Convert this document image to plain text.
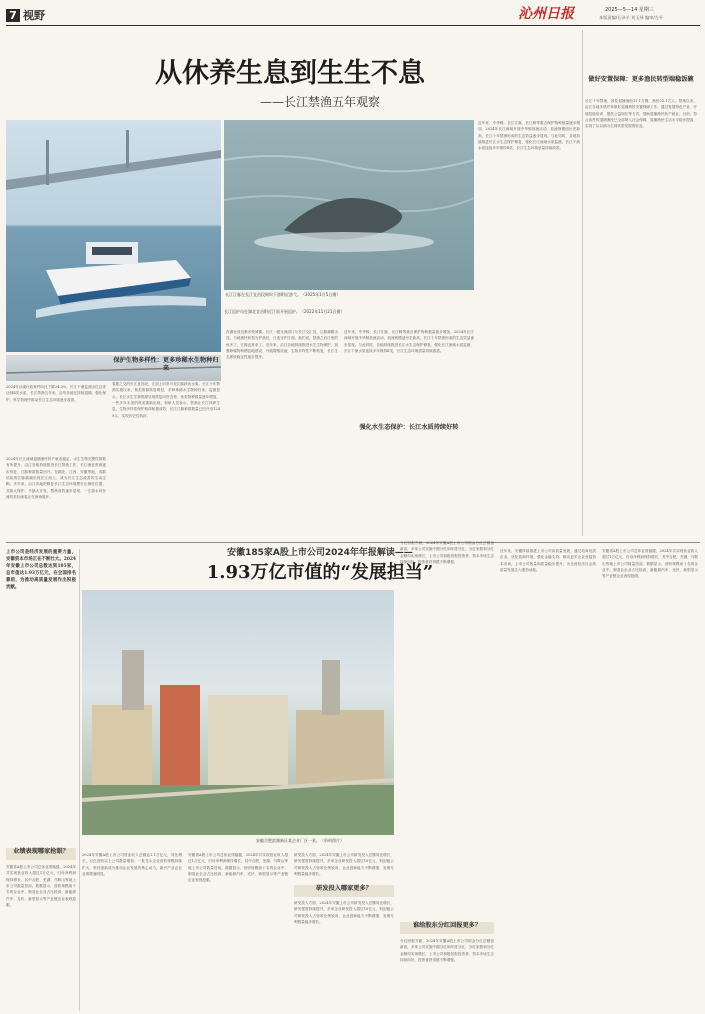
7 视野	沁州日报	2025—5—14 星期三
本版责编/石泽羊 刘玉琴 编审/左平
从休养生息到生生不息
——长江禁渔五年观察
长江江豚在长江宜昌段闸坝下游附近游弋。（2025年1月5日摄）
长江巡护员在湖北宜昌附近江面开展巡护。（2022年11月21日摄）
2024年沙溪行政案件同比下降24.3%，长江干流监测点位总体达到Ⅱ类水质，长江禁渔五年来，沿线各地在持续退捕、强化保护、科学管理中推动长江生态环境逐步改善。
2024年长江流域退捕渔民转产就业稳定，水生生物完整性指数有所提升，沿江各地持续推进长江禁渔工作，长江渔业资源逐步恢复，江豚种群数量回升。在湖北、江西、安徽等地，成群结队的江豚频频出现在江面上，成为长江生态改善的生动注脚。多年来，沿江各地把修复长江生态环境摆在压倒性位置，共抓大保护、不搞大开发，禁渔成效逐步显现，一江碧水向东流的美好画卷正在徐徐展开。
保护生物多样性：更多珍稀水生物种归来
春夏之交的长江宜昌段，江面上时常可见江豚跃出水面。长江十年禁渔实施以来，鱼类资源恢复明显，多种珍稀水生物种归来。监测显示，长江水生生物资源呈现恢复向好态势，鱼类物种数量逐年增加，一些多年未见的鱼类重新出现。科研人员表示，禁渔让长江休养生息，生物多样性保护取得积极成效，长江江豚种群数量已回升至1249头，实现历史性转折。
在湖北省宜都市枝城镇，长江一级支流清江与长江交汇处，江豚频繁出没。当地渔民转型为护渔员，日夜守护江面。他们说，禁渔之后江里的鱼多了，江豚也常来了。近年来，沿江各地持续推进水生生物保护，加强珍稀物种栖息地建设，开展增殖放流，生物多样性不断恢复，长江生态系统稳定性逐步提升。
近年来，中华鲟、长江江豚、长江鲟等重点保护物种数量逐步增加，2024年长江流域开展中华鲟放流活动，放流规模创历史新高，长江十年禁渔形成的生态效益逐步显现。与此同时，各地持续推进长江水生态保护修复，强化长江流域水质监测，长江干流水质连续多年保持Ⅱ类，长江生态环境质量持续改善。
强化水生态保护：长江水质持续好转
做好安置保障：更多渔民转型端稳饭碗
长江十年禁渔，涉及退捕渔船11.1万艘、渔民23.1万人。禁渔以来，沿江各地多措并举做好退捕渔民安置保障工作，通过发展特色产业、开展技能培训、提供公益岗位等方式，帮助退捕渔民转产就业。目前，符合条件的退捕渔民已全部纳入社会保障，退捕渔民生活水平稳步提高，实现了从以渔为生到转型发展的转变。
近年来，中华鲟、长江江豚、长江鲟等重点保护物种数量逐步增加，2024年长江流域开展中华鲟放流活动，放流规模创历史新高，长江十年禁渔形成的生态效益逐步显现。与此同时，各地持续推进长江水生态保护修复，强化长江流域水质监测，长江干流水质连续多年保持Ⅱ类，长江生态环境质量持续改善。
安徽185家A股上市公司2024年年报解读——
1.93万亿市值的“发展担当”
上市公司是经济发展的重要力量，安徽资本市场正在不断壮大。2024年安徽上市公司总数达到185家，总市值达1.93万亿元，在全国排名靠前，为推动高质量发展作出积极贡献。
安徽合肥滨湖新区某企业厂区一景。（资料图片）
业绩表现哪家抢眼？
安徽省A股上市公司总体业绩稳健，2024年共实现营业收入超过1万亿元，归母净利润保持增长，其中合肥、芜湖、马鞍山等地上市公司数量居前。数据显示，营收规模前十名的企业中，制造业企业占比较高，新能源汽车、光伏、新型显示等产业链企业表现抢眼。
2024年安徽A股上市公司营业收入总额达1.1万亿元，同比增长，百亿营收以上公司数量增加，一批龙头企业营收规模持续扩大，科技创新成为推动企业发展的核心动力，新兴产业企业业绩增速明显。
安徽省A股上市公司总体业绩稳健，2024年共实现营业收入超过1万亿元，归母净利润保持增长，其中合肥、芜湖、马鞍山等地上市公司数量居前。数据显示，营收规模前十名的企业中，制造业企业占比较高，新能源汽车、光伏、新型显示等产业链企业表现抢眼。
研发投入方面，2024年安徽上市公司研发投入总额同比增长，研发强度持续提升，多家企业研发投入超过10亿元，科创板公司研发投入占营收比例较高，企业创新能力不断增强，发明专利数量稳步增长。
研发投入哪家更多？
研发投入方面，2024年安徽上市公司研发投入总额同比增长，研发强度持续提升，多家企业研发投入超过10亿元，科创板公司研发投入占营收比例较高，企业创新能力不断增强，发明专利数量稳步增长。
分红回报方面，2024年安徽A股上市公司现金分红总额创新高，多家公司实施中期分红和年度分红，分红家数和分红金额均实现增长，上市公司积极回报投资者，资本市场生态持续向好，投资者获得感不断增强。
谁给股东分红回报更多？
分红回报方面，2024年安徽A股上市公司现金分红总额创新高，多家公司实施中期分红和年度分红，分红家数和分红金额均实现增长，上市公司积极回报投资者，资本市场生态持续向好，投资者获得感不断增强。
近年来，安徽持续推进上市公司高质量发展，通过培育优质企业、优化营商环境、强化金融支持，推动更多企业登陆资本市场，上市公司数量和质量稳步提升，为全省经济社会高质量发展注入强劲动能。
安徽省A股上市公司总体业绩稳健，2024年共实现营业收入超过1万亿元，归母净利润保持增长，其中合肥、芜湖、马鞍山等地上市公司数量居前。数据显示，营收规模前十名的企业中，制造业企业占比较高，新能源汽车、光伏、新型显示等产业链企业表现抢眼。
